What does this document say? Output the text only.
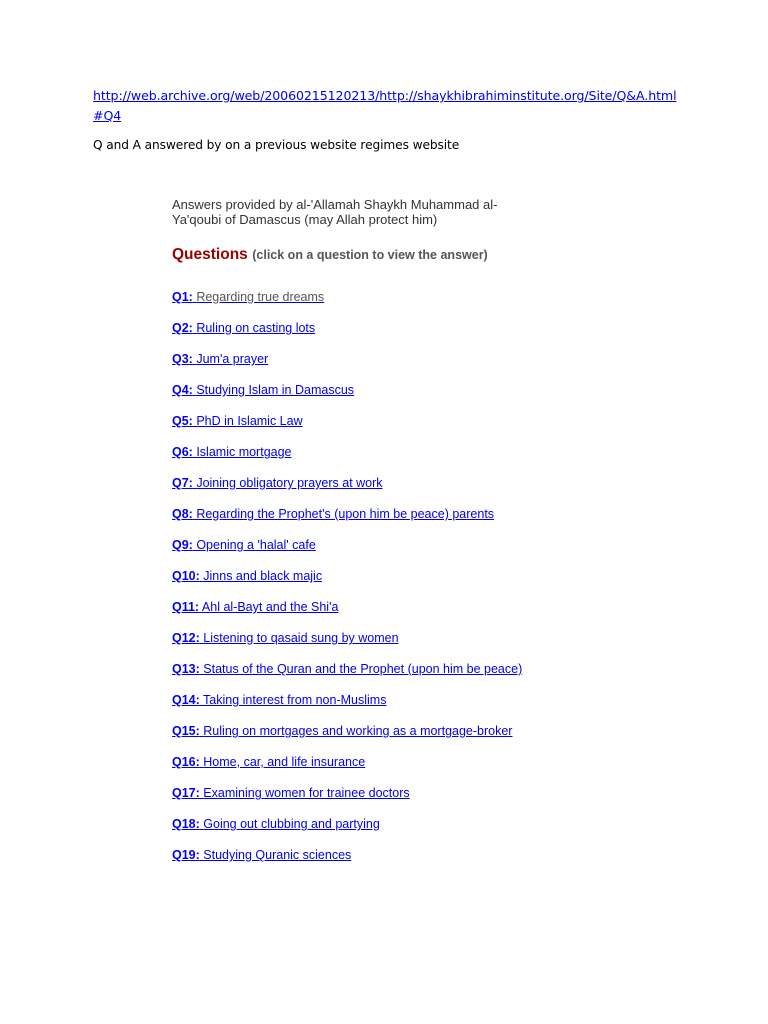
http://web.archive.org/web/20060215120213/http://shaykhibrahiminstitute.org/Site/Q&A.html#Q4
Q and A answered by on a previous website regimes website

Answers provided by al-'Allamah Shaykh Muhammad al-Ya'qoubi of Damascus (may Allah protect him)

Questions (click on a question to view the answer)
Q1: Regarding true dreams
Q2: Ruling on casting lots
Q3: Jum'a prayer
Q4: Studying Islam in Damascus
Q5: PhD in Islamic Law
Q6: Islamic mortgage
Q7: Joining obligatory prayers at work
Q8: Regarding the Prophet's (upon him be peace) parents
Q9: Opening a 'halal' cafe
Q10: Jinns and black majic
Q11: Ahl al-Bayt and the Shi'a
Q12: Listening to qasaid sung by women
Q13: Status of the Quran and the Prophet (upon him be peace)
Q14: Taking interest from non-Muslims
Q15: Ruling on mortgages and working as a mortgage-broker
Q16: Home, car, and life insurance
Q17: Examining women for trainee doctors
Q18: Going out clubbing and partying
Q19: Studying Quranic sciences
